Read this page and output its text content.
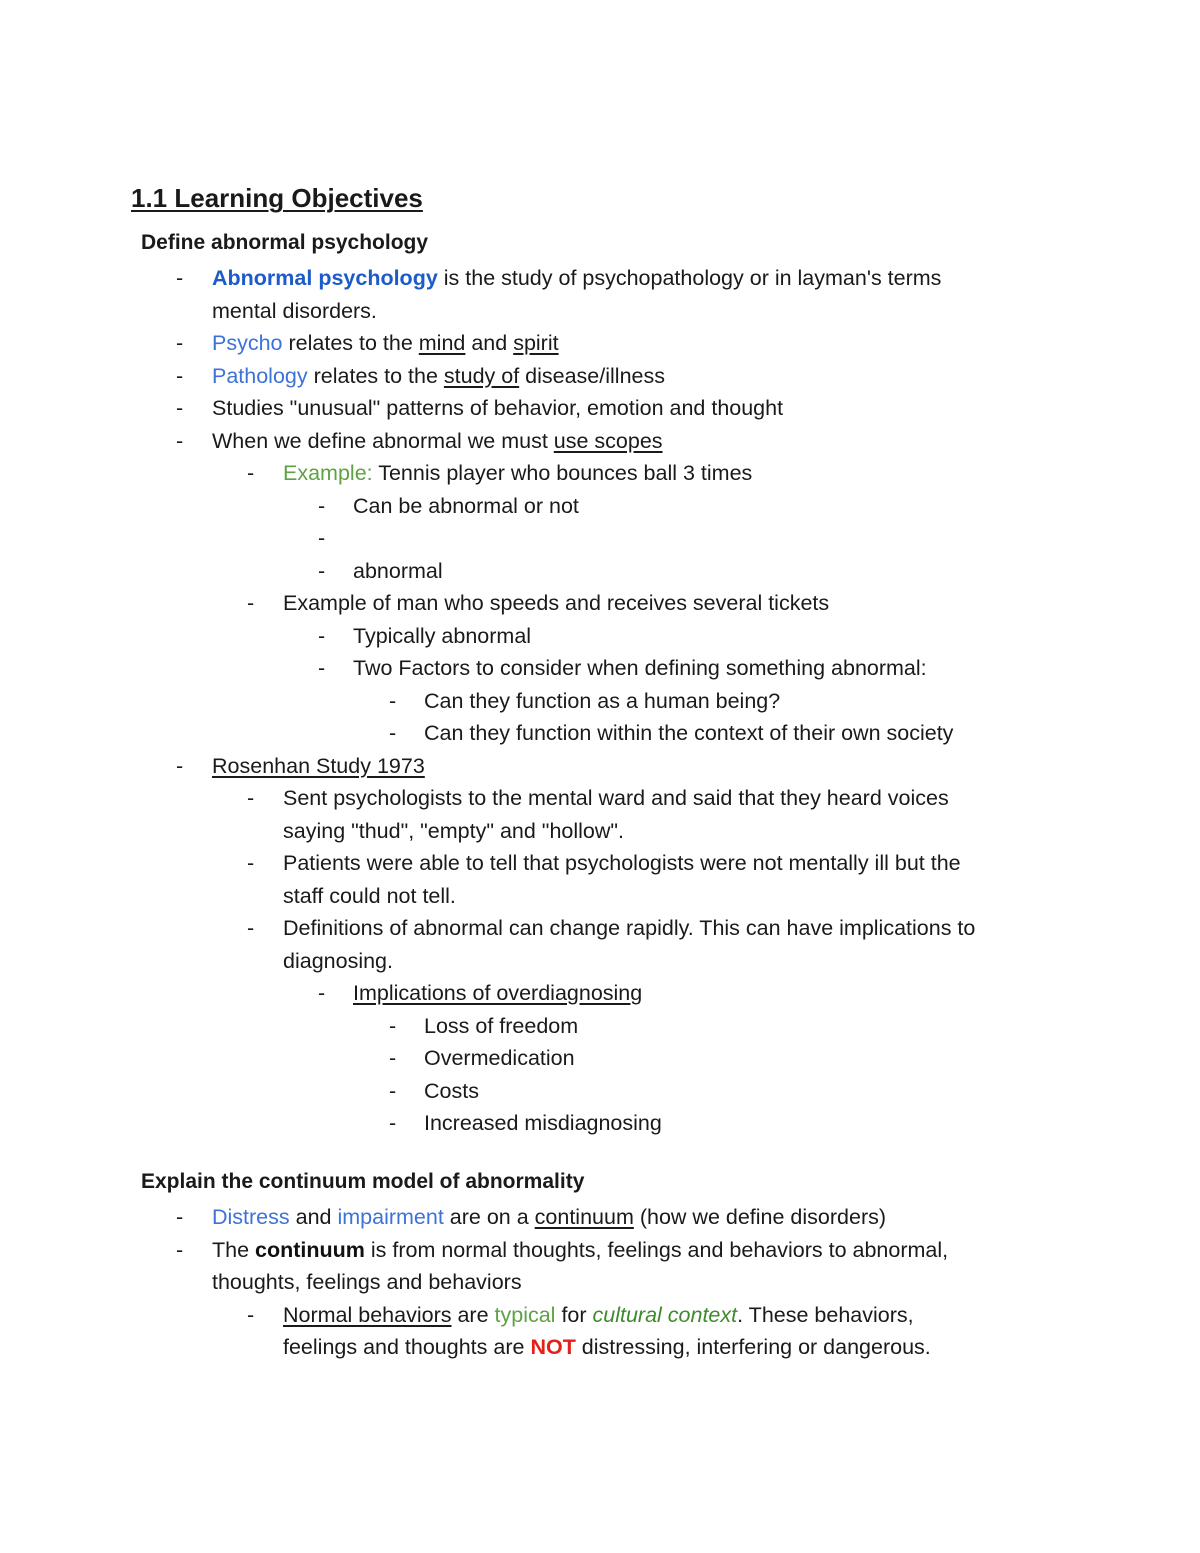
1.1 Learning Objectives
Define abnormal psychology
-	Abnormal psychology is the study of psychopathology or in layman's terms
mental disorders.
-	Psycho relates to the mind and spirit
-	Pathology relates to the study of disease/illness
-	Studies "unusual" patterns of behavior, emotion and thought
-	When we define abnormal we must use scopes
-	Example: Tennis player who bounces ball 3 times
-	Can be abnormal or not
-
-	abnormal
-	Example of man who speeds and receives several tickets
-	Typically abnormal
-	Two Factors to consider when defining something abnormal:
-	Can they function as a human being?
-	Can they function within the context of their own society
-	Rosenhan Study 1973
-	Sent psychologists to the mental ward and said that they heard voices
saying "thud", "empty" and "hollow".
-	Patients were able to tell that psychologists were not mentally ill but the
staff could not tell.
-	Definitions of abnormal can change rapidly. This can have implications to
diagnosing.
-	Implications of overdiagnosing
-	Loss of freedom
-	Overmedication
-	Costs
-	Increased misdiagnosing
Explain the continuum model of abnormality
-	Distress and impairment are on a continuum (how we define disorders)
-	The continuum is from normal thoughts, feelings and behaviors to abnormal,
thoughts, feelings and behaviors
-	Normal behaviors are typical for cultural context. These behaviors,
feelings and thoughts are NOT distressing, interfering or dangerous.
